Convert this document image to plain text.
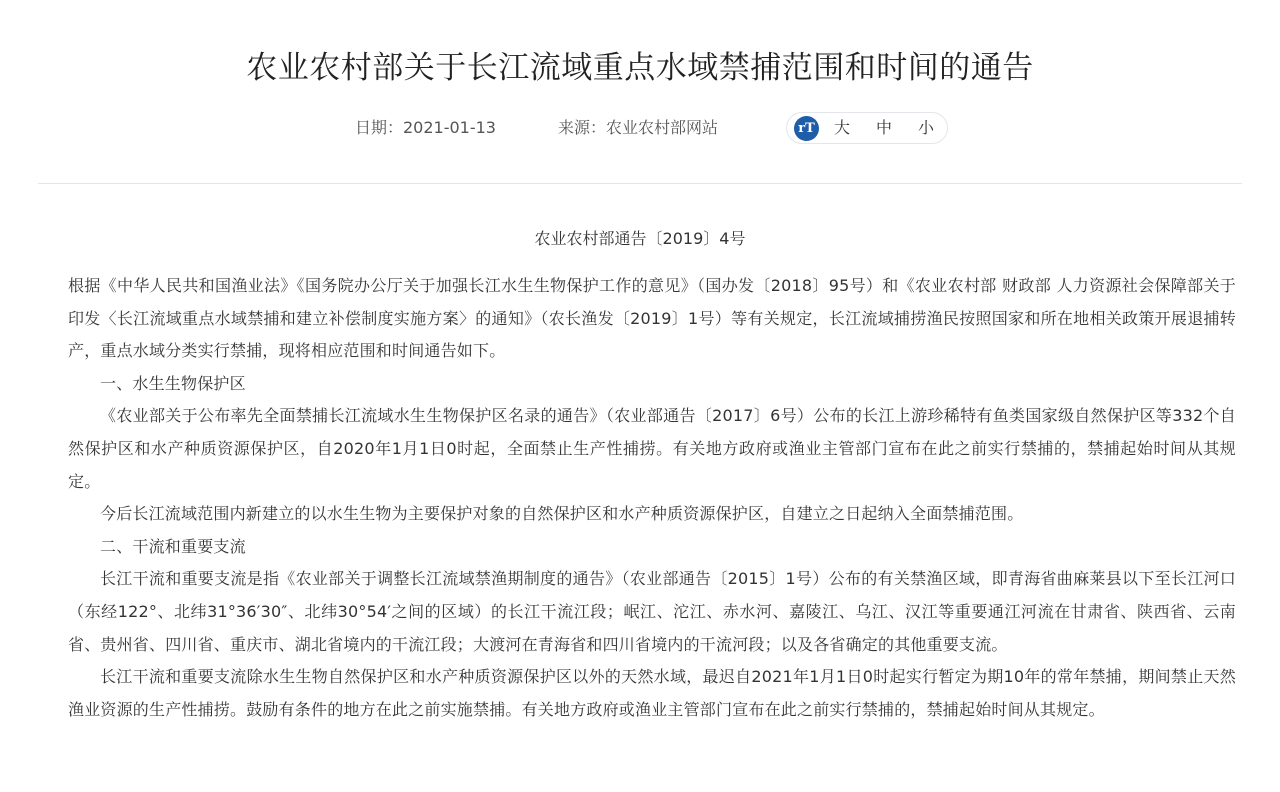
农业农村部关于长江流域重点水域禁捕范围和时间的通告
日期：2021-01-13	来源：农业农村部网站	rT 大 中 小
农业农村部通告〔2019〕4号

根据《中华人民共和国渔业法》《国务院办公厅关于加强长江水生生物保护工作的意见》（国办发〔2018〕95号）和《农业农村部 财政部 人力资源社会保障部关于印发〈长江流域重点水域禁捕和建立补偿制度实施方案〉的通知》（农长渔发〔2019〕1号）等有关规定，长江流域捕捞渔民按照国家和所在地相关政策开展退捕转产，重点水域分类实行禁捕，现将相应范围和时间通告如下。

一、水生生物保护区

《农业部关于公布率先全面禁捕长江流域水生生物保护区名录的通告》（农业部通告〔2017〕6号）公布的长江上游珍稀特有鱼类国家级自然保护区等332个自然保护区和水产种质资源保护区，自2020年1月1日0时起，全面禁止生产性捕捞。有关地方政府或渔业主管部门宣布在此之前实行禁捕的，禁捕起始时间从其规定。

今后长江流域范围内新建立的以水生生物为主要保护对象的自然保护区和水产种质资源保护区，自建立之日起纳入全面禁捕范围。

二、干流和重要支流

长江干流和重要支流是指《农业部关于调整长江流域禁渔期制度的通告》（农业部通告〔2015〕1号）公布的有关禁渔区域，即青海省曲麻莱县以下至长江河口（东经122°、北纬31°36′30″、北纬30°54′之间的区域）的长江干流江段；岷江、沱江、赤水河、嘉陵江、乌江、汉江等重要通江河流在甘肃省、陕西省、云南省、贵州省、四川省、重庆市、湖北省境内的干流江段；大渡河在青海省和四川省境内的干流河段；以及各省确定的其他重要支流。

长江干流和重要支流除水生生物自然保护区和水产种质资源保护区以外的天然水域，最迟自2021年1月1日0时起实行暂定为期10年的常年禁捕，期间禁止天然渔业资源的生产性捕捞。鼓励有条件的地方在此之前实施禁捕。有关地方政府或渔业主管部门宣布在此之前实行禁捕的，禁捕起始时间从其规定。
